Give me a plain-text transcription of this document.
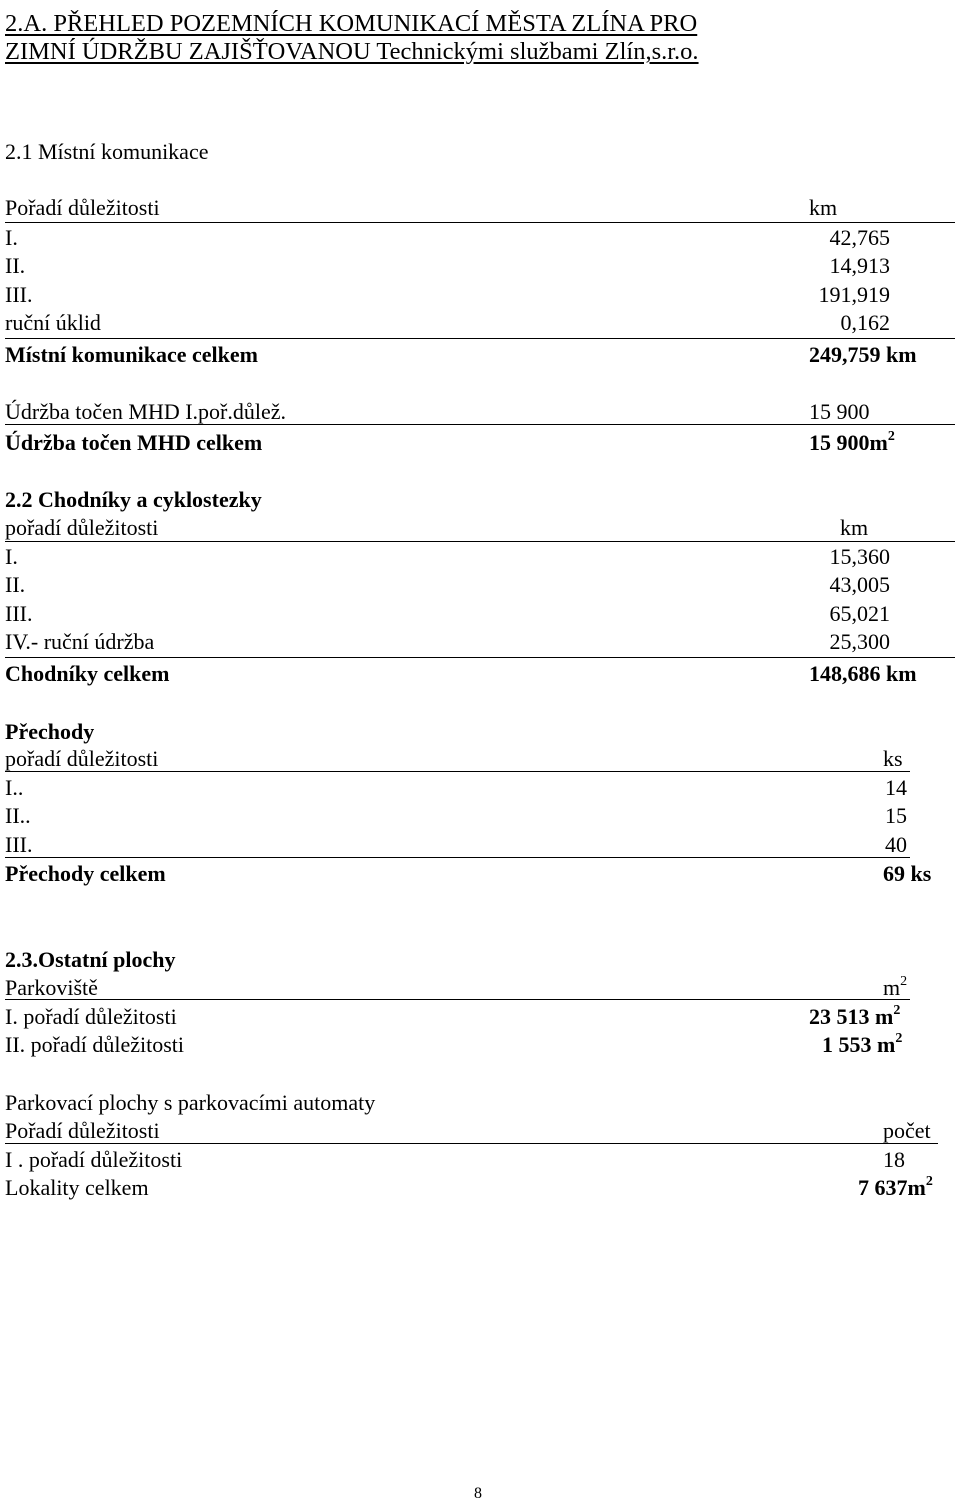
2.A. PŘEHLED POZEMNÍCH KOMUNIKACÍ MĚSTA ZLÍNA PRO
ZIMNÍ ÚDRŽBU ZAJIŠŤOVANOU Technickými službami Zlín,s.r.o.
2.1 Místní komunikace
Pořadí důležitosti	km
I.	42,765
II.	14,913
III.	191,919
ruční úklid	0,162
Místní komunikace celkem	249,759 km
Údržba točen MHD I.poř.důlež.	15 900
Údržba točen MHD celkem	15 $900m^2$
2.2 Chodníky a cyklostezky
pořadí důležitosti	km
I.	15,360
II.	43,005
III.	65,021
IV.- ruční údržba	25,300
Chodníky celkem	148,686 km
Přechody
pořadí důležitosti	ks
I..	14
II..	15
III.	40
Přechody celkem	69 ks
2.3.Ostatní plochy
Parkoviště	$m^2$
I. pořadí důležitosti	23 513 $m^2$
II. pořadí důležitosti	1 553 $m^2$
Parkovací plochy s parkovacími automaty
Pořadí důležitosti	počet
I . pořadí důležitosti	18
Lokality celkem	7 $637m^2$
8
